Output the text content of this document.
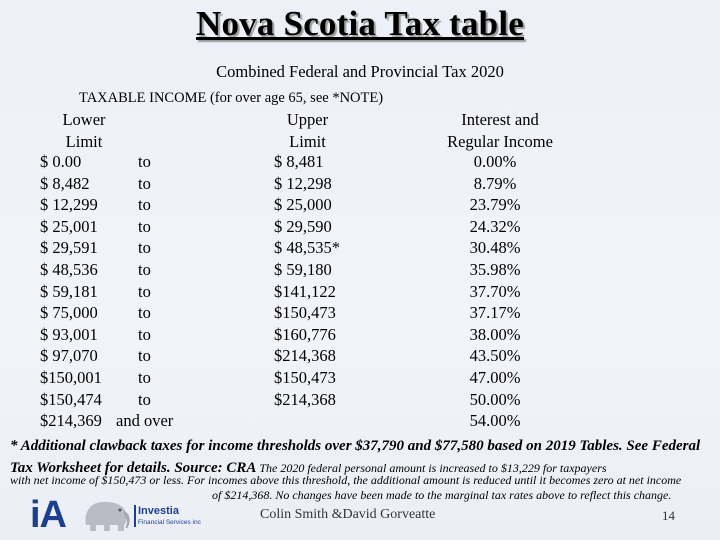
Nova Scotia Tax table
Combined Federal and Provincial Tax 2020
TAXABLE INCOME (for over age 65, see *NOTE)
Lower
Limit
Upper
Limit
Interest and
Regular Income
$ 0.00	to	$ 8,481	0.00%
$ 8,482	to	$ 12,298	8.79%
$ 12,299 to	$ 25,000	23.79%
$ 25,001 to	$ 29,590	24.32%
$ 29,591 to	$ 48,535*	30.48%
$ 48,536 to	$ 59,180	35.98%
$ 59,181 to	$141,122	37.70%
$ 75,000 to	$150,473	37.17%
$ 93,001 to	$160,776	38.00%
$ 97,070 to	$214,368	43.50%
$150,001 to	$150,473	47.00%
$150,474 to	$214,368	50.00%
$214,369 and over	54.00%
* Additional clawback taxes for income thresholds over $37,790 and $77,580 based on 2019 Tables. See Federal Tax Worksheet for details. Source: CRA The 2020 federal personal amount is increased to $13,229 for taxpayers
with net income of $150,473 or less. For incomes above this threshold, the additional amount is reduced until it becomes zero at net income
of $214,368. No changes have been made to the marginal tax rates above to reflect this change.
iA	Investia
Financial Services inc
Colin Smith &David Gorveatte	14
